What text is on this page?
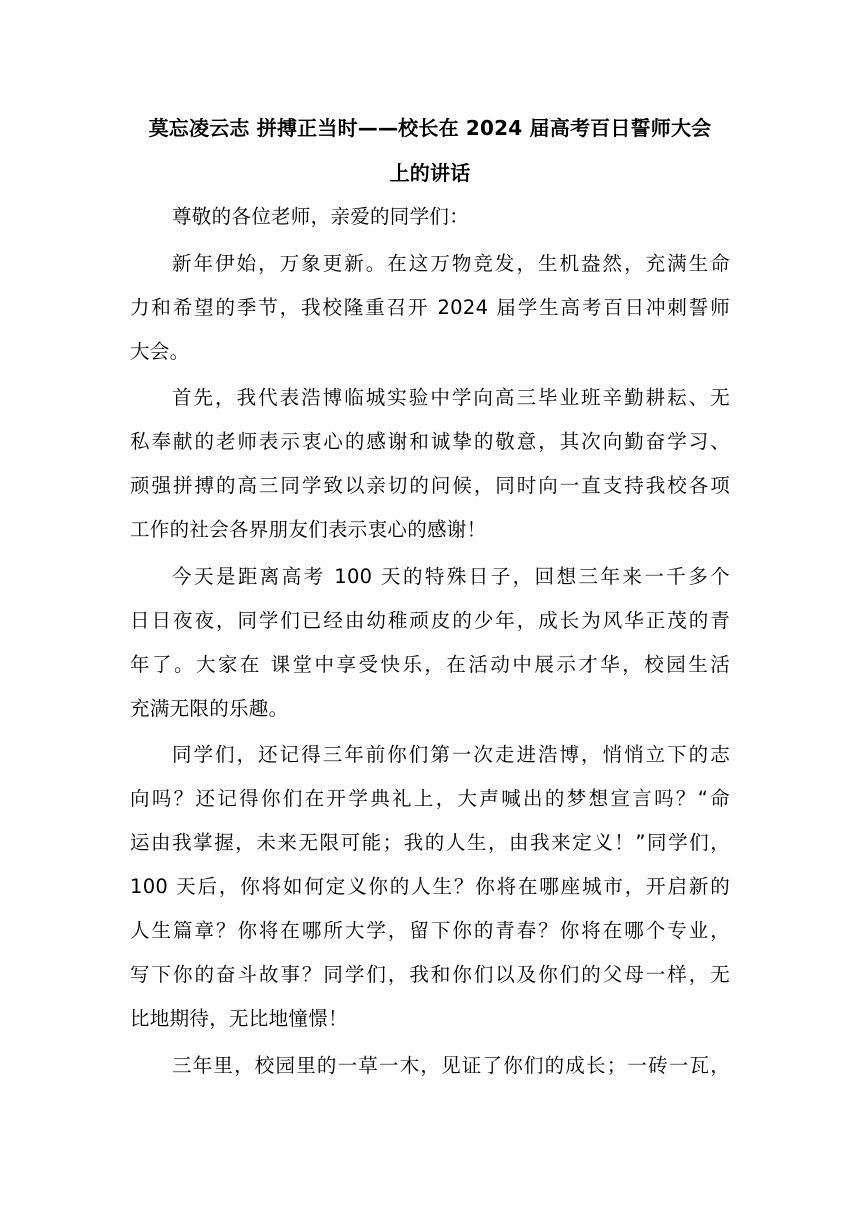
莫忘凌云志 拼搏正当时——校长在 2024 届高考百日誓师大会
上的讲话
尊敬的各位老师，亲爱的同学们：
新年伊始，万象更新。在这万物竞发，生机盎然，充满生命
力和希望的季节，我校隆重召开 2024 届学生高考百日冲刺誓师
大会。
首先，我代表浩博临城实验中学向高三毕业班辛勤耕耘、无
私奉献的老师表示衷心的感谢和诚挚的敬意，其次向勤奋学习、
顽强拼搏的高三同学致以亲切的问候，同时向一直支持我校各项
工作的社会各界朋友们表示衷心的感谢！
今天是距离高考 100 天的特殊日子，回想三年来一千多个
日日夜夜，同学们已经由幼稚顽皮的少年，成长为风华正茂的青
年了。大家在 课堂中享受快乐，在活动中展示才华，校园生活
充满无限的乐趣。
同学们，还记得三年前你们第一次走进浩博，悄悄立下的志
向吗？还记得你们在开学典礼上，大声喊出的梦想宣言吗？“命
运由我掌握，未来无限可能；我的人生，由我来定义！”同学们，
100 天后，你将如何定义你的人生？你将在哪座城市，开启新的
人生篇章？你将在哪所大学，留下你的青春？你将在哪个专业，
写下你的奋斗故事？同学们，我和你们以及你们的父母一样，无
比地期待，无比地憧憬！
三年里，校园里的一草一木，见证了你们的成长；一砖一瓦，
